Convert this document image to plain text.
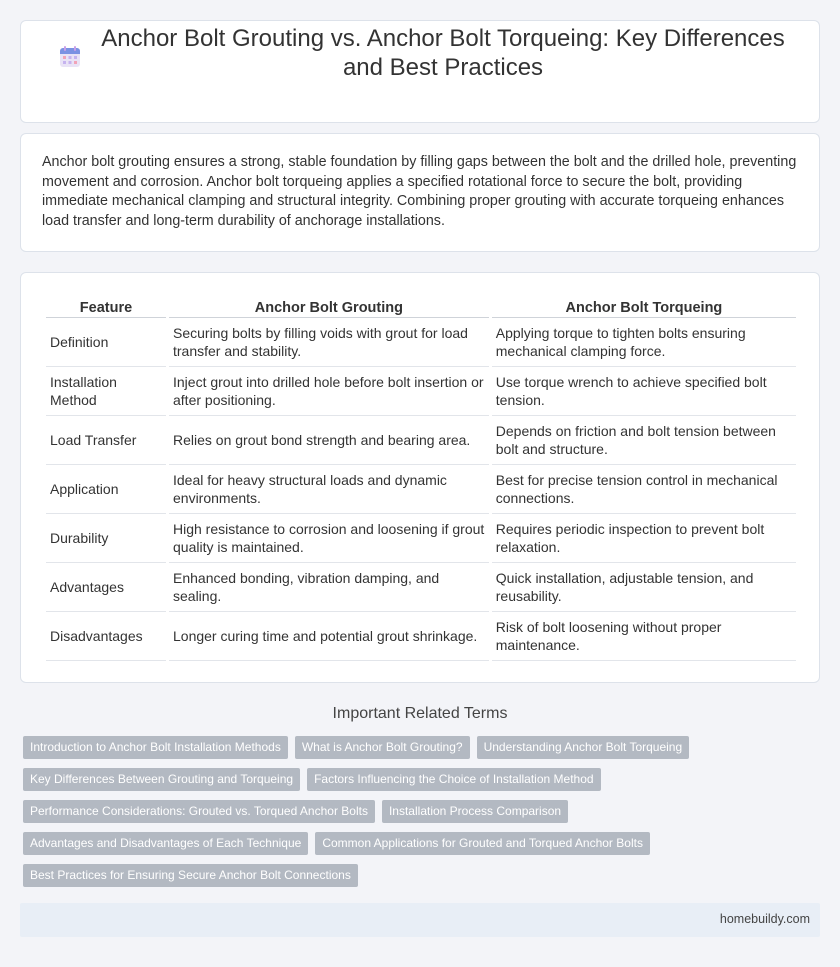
Anchor Bolt Grouting vs. Anchor Bolt Torqueing: Key Differences and Best Practices

Anchor bolt grouting ensures a strong, stable foundation by filling gaps between the bolt and the drilled hole, preventing movement and corrosion. Anchor bolt torqueing applies a specified rotational force to secure the bolt, providing immediate mechanical clamping and structural integrity. Combining proper grouting with accurate torqueing enhances load transfer and long-term durability of anchorage installations.

Feature	Anchor Bolt Grouting	Anchor Bolt Torqueing
Definition	Securing bolts by filling voids with grout for load transfer and stability.	Applying torque to tighten bolts ensuring mechanical clamping force.
Installation Method	Inject grout into drilled hole before bolt insertion or after positioning.	Use torque wrench to achieve specified bolt tension.
Load Transfer	Relies on grout bond strength and bearing area.	Depends on friction and bolt tension between bolt and structure.
Application	Ideal for heavy structural loads and dynamic environments.	Best for precise tension control in mechanical connections.
Durability	High resistance to corrosion and loosening if grout quality is maintained.	Requires periodic inspection to prevent bolt relaxation.
Advantages	Enhanced bonding, vibration damping, and sealing.	Quick installation, adjustable tension, and reusability.
Disadvantages	Longer curing time and potential grout shrinkage.	Risk of bolt loosening without proper maintenance.
Important Related Terms
Introduction to Anchor Bolt Installation Methods	What is Anchor Bolt Grouting?	Understanding Anchor Bolt Torqueing
Key Differences Between Grouting and Torqueing	Factors Influencing the Choice of Installation Method
Performance Considerations: Grouted vs. Torqued Anchor Bolts	Installation Process Comparison
Advantages and Disadvantages of Each Technique	Common Applications for Grouted and Torqued Anchor Bolts
Best Practices for Ensuring Secure Anchor Bolt Connections
homebuildy.com
